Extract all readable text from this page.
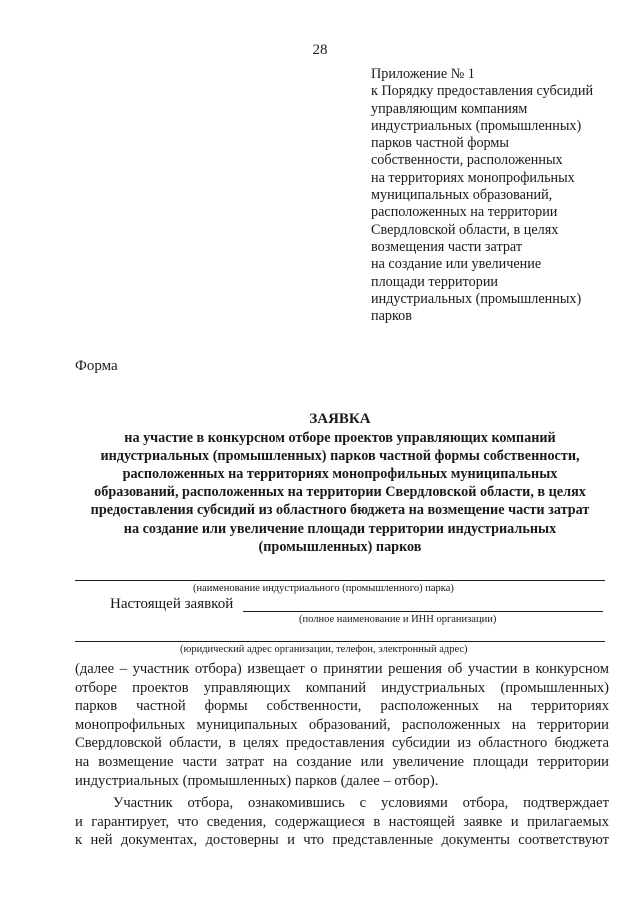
28
Приложение № 1
к Порядку предоставления субсидий
управляющим компаниям
индустриальных (промышленных)
парков частной формы
собственности, расположенных
на территориях монопрофильных
муниципальных образований,
расположенных на территории
Свердловской области, в целях
возмещения части затрат
на создание или увеличение
площади территории
индустриальных (промышленных)
парков
Форма
ЗАЯВКА
на участие в конкурсном отборе проектов управляющих компаний
индустриальных (промышленных) парков частной формы собственности,
расположенных на территориях монопрофильных муниципальных
образований, расположенных на территории Свердловской области, в целях
предоставления субсидий из областного бюджета на возмещение части затрат
на создание или увеличение площади территории индустриальных
(промышленных) парков
(наименование индустриального (промышленного) парка)
Настоящей заявкой
(полное наименование и ИНН организации)
(юридический адрес организации, телефон, электронный адрес)
(далее – участник отбора) извещает о принятии решения об участии в конкурсном
отборе проектов управляющих компаний индустриальных (промышленных)
парков частной формы собственности, расположенных на территориях
монопрофильных муниципальных образований, расположенных на территории
Свердловской области, в целях предоставления субсидии из областного бюджета
на возмещение части затрат на создание или увеличение площади территории
индустриальных (промышленных) парков (далее – отбор).
Участник отбора, ознакомившись с условиями отбора, подтверждает
и гарантирует, что сведения, содержащиеся в настоящей заявке и прилагаемых
к ней документах, достоверны и что представленные документы соответствуют
